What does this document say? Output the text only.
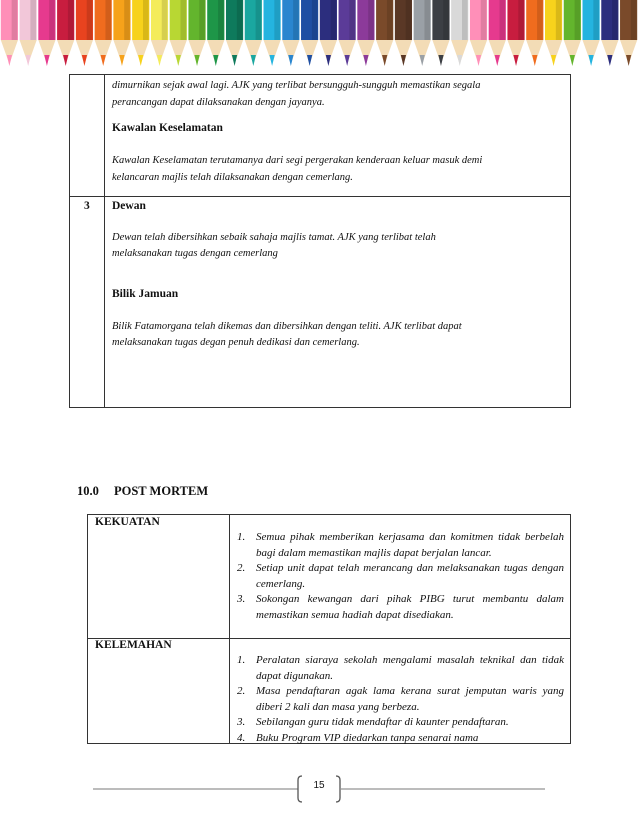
dimurnikan sejak awal lagi. AJK yang terlibat bersungguh-sungguh memastikan segala
perancangan dapat dilaksanakan dengan jayanya.
Kawalan Keselamatan
Kawalan Keselamatan terutamanya dari segi pergerakan kenderaan keluar masuk demi
kelancaran majlis telah dilaksanakan dengan cemerlang.
3 Dewan
Dewan telah dibersihkan sebaik sahaja majlis tamat. AJK yang terlibat telah
melaksanakan tugas dengan cemerlang
Bilik Jamuan
Bilik Fatamorgana telah dikemas dan dibersihkan dengan teliti. AJK terlibat dapat
melaksanakan tugas degan penuh dedikasi dan cemerlang.
10.0 POST MORTEM
KEKUATAN
1. Semua pihak memberikan kerjasama dan komitmen tidak berbelah bagi dalam memastikan majlis dapat berjalan lancar.
2. Setiap unit dapat telah merancang dan melaksanakan tugas dengan cemerlang.
3. Sokongan kewangan dari pihak PIBG turut membantu dalam memastikan semua hadiah dapat disediakan.
KELEMAHAN
1. Peralatan siaraya sekolah mengalami masalah teknikal dan tidak dapat digunakan.
2. Masa pendaftaran agak lama kerana surat jemputan waris yang diberi 2 kali dan masa yang berbeza.
3. Sebilangan guru tidak mendaftar di kaunter pendaftaran.
4. Buku Program VIP diedarkan tanpa senarai nama
15
